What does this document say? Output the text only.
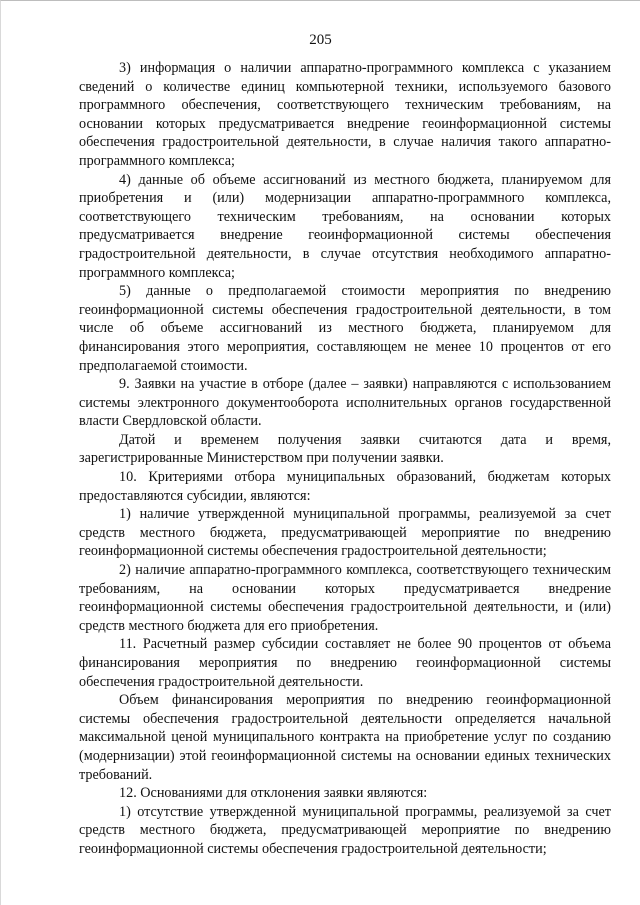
205

3) информация о наличии аппаратно-программного комплекса с указанием сведений о количестве единиц компьютерной техники, используемого базового программного обеспечения, соответствующего техническим требованиям, на основании которых предусматривается внедрение геоинформационной системы обеспечения градостроительной деятельности, в случае наличия такого аппаратно-программного комплекса;

4) данные об объеме ассигнований из местного бюджета, планируемом для приобретения и (или) модернизации аппаратно-программного комплекса, соответствующего техническим требованиям, на основании которых предусматривается внедрение геоинформационной системы обеспечения градостроительной деятельности, в случае отсутствия необходимого аппаратно-программного комплекса;

5) данные о предполагаемой стоимости мероприятия по внедрению геоинформационной системы обеспечения градостроительной деятельности, в том числе об объеме ассигнований из местного бюджета, планируемом для финансирования этого мероприятия, составляющем не менее 10 процентов от его предполагаемой стоимости.

9. Заявки на участие в отборе (далее – заявки) направляются с использованием системы электронного документооборота исполнительных органов государственной власти Свердловской области.

Датой и временем получения заявки считаются дата и время, зарегистрированные Министерством при получении заявки.

10. Критериями отбора муниципальных образований, бюджетам которых предоставляются субсидии, являются:

1) наличие утвержденной муниципальной программы, реализуемой за счет средств местного бюджета, предусматривающей мероприятие по внедрению геоинформационной системы обеспечения градостроительной деятельности;

2) наличие аппаратно-программного комплекса, соответствующего техническим требованиям, на основании которых предусматривается внедрение геоинформационной системы обеспечения градостроительной деятельности, и (или) средств местного бюджета для его приобретения.

11. Расчетный размер субсидии составляет не более 90 процентов от объема финансирования мероприятия по внедрению геоинформационной системы обеспечения градостроительной деятельности.

Объем финансирования мероприятия по внедрению геоинформационной системы обеспечения градостроительной деятельности определяется начальной максимальной ценой муниципального контракта на приобретение услуг по созданию (модернизации) этой геоинформационной системы на основании единых технических требований.

12. Основаниями для отклонения заявки являются:

1) отсутствие утвержденной муниципальной программы, реализуемой за счет средств местного бюджета, предусматривающей мероприятие по внедрению геоинформационной системы обеспечения градостроительной деятельности;
